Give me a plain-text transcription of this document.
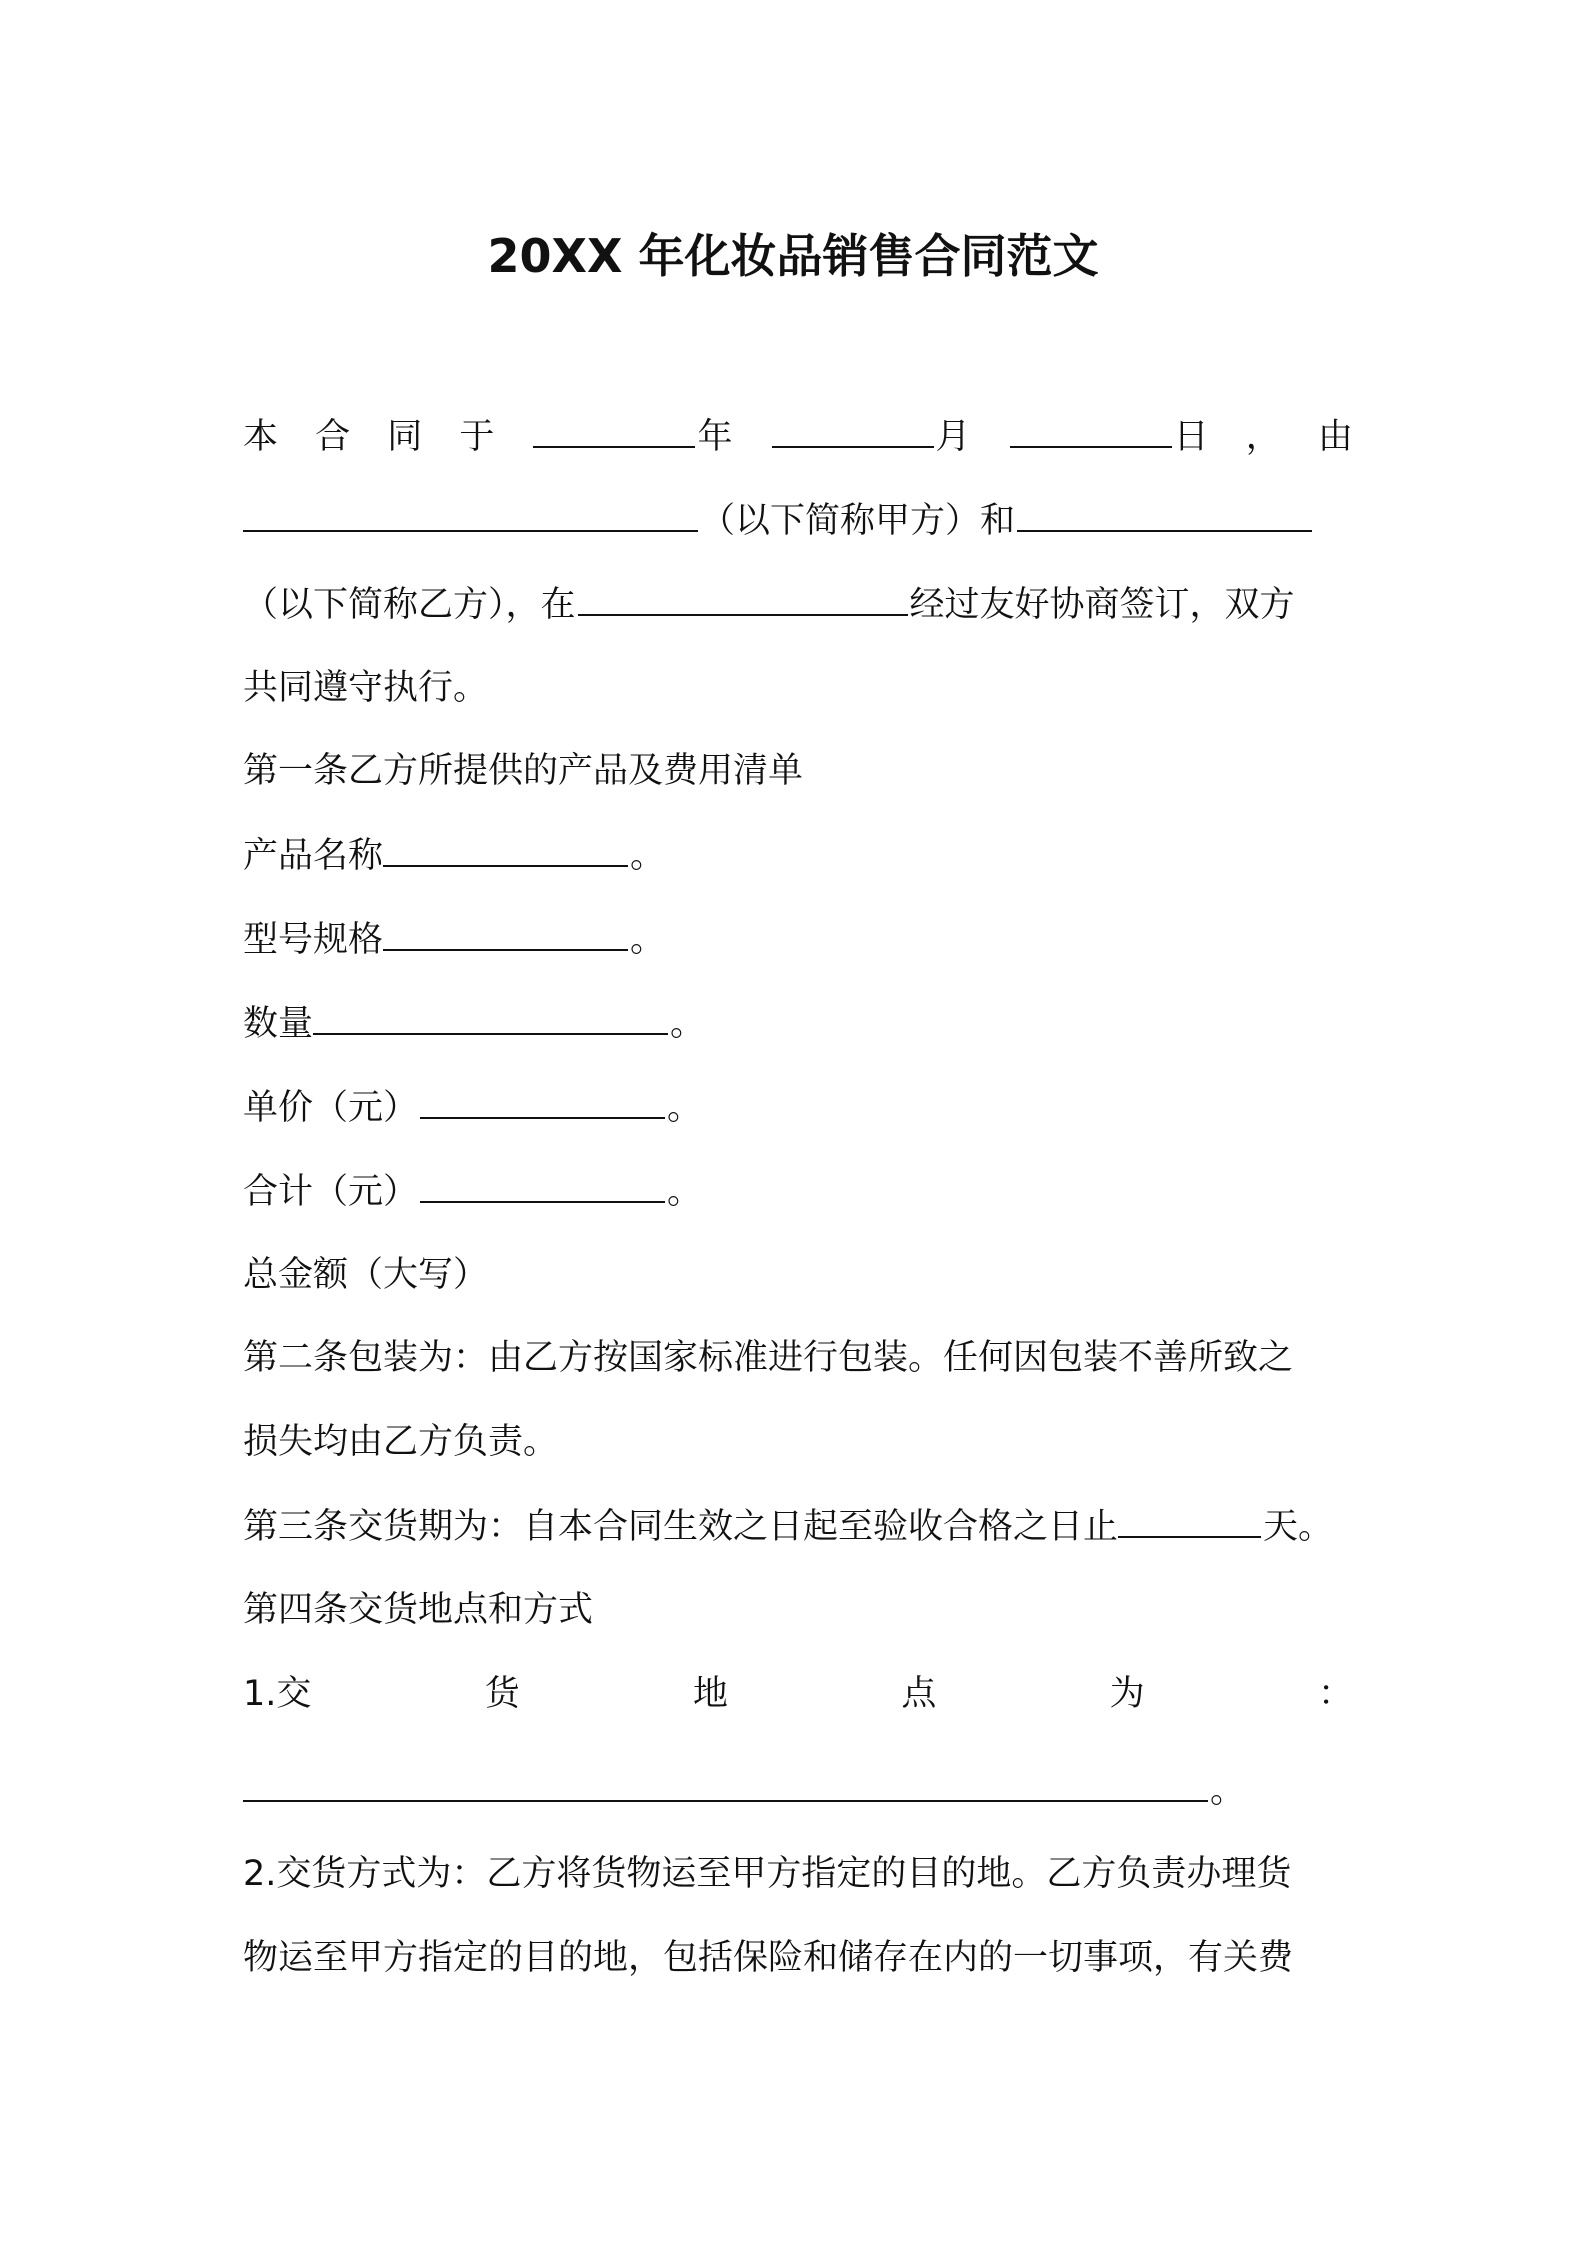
20XX 年化妆品销售合同范文
本 合 同 于	年	月	日 ， 由
（以下简称甲方）和
（以下简称乙方），在	经过友好协商签订，双方
共同遵守执行。
第一条乙方所提供的产品及费用清单
产品名称	。
型号规格	。
数量	。
单价（元）	。
合计（元）	。
总金额（大写）
第二条包装为：由乙方按国家标准进行包装。任何因包装不善所致之
损失均由乙方负责。
第三条交货期为：自本合同生效之日起至验收合格之日止	天。
第四条交货地点和方式
1.交	货	地	点	为	：
。
2.交货方式为：乙方将货物运至甲方指定的目的地。乙方负责办理货
物运至甲方指定的目的地，包括保险和储存在内的一切事项，有关费
